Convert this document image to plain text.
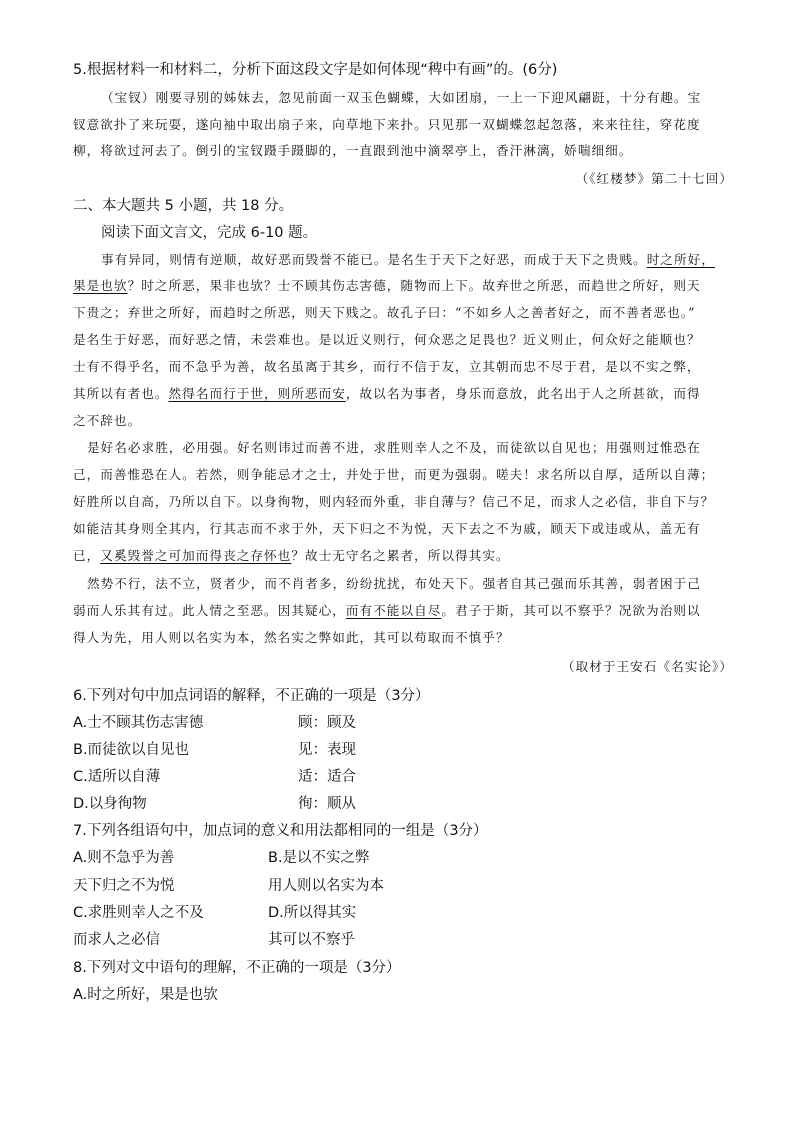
5.根据材料一和材料二，分析下面这段文字是如何体现“稗中有画”的。(6分)
（宝钗）刚要寻别的姊妹去，忽见前面一双玉色蝴蝶，大如团扇，一上一下迎风翩跹，十分有趣。宝
钗意欲扑了来玩耍，遂向袖中取出扇子来，向草地下来扑。只见那一双蝴蝶忽起忽落，来来往往，穿花度
柳，将欲过河去了。倒引的宝钗蹑手蹑脚的，一直跟到池中滴翠亭上，香汗淋漓，娇喘细细。
（《红楼梦》第二十七回）
二、本大题共 5 小题，共 18 分。
阅读下面文言文，完成 6-10 题。
事有异同，则情有逆顺，故好恶而毁誉不能已。是名生于天下之好恶，而成于天下之贵贱。时之所好，
果是也欤？时之所恶，果非也欤？士不顾其伤志害德，随物而上下。故弃世之所恶，而趋世之所好，则天
下贵之；弃世之所好，而趋时之所恶，则天下贱之。故孔子曰：“不如乡人之善者好之，而不善者恶也。”
是名生于好恶，而好恶之情，未尝难也。是以近义则行，何众恶之足畏也？近义则止，何众好之能顺也？
士有不得乎名，而不急乎为善，故名虽离于其乡，而行不信于友，立其朝而忠不尽于君，是以不实之弊，
其所以有者也。然得名而行于世，则所恶而安，故以名为事者，身乐而意放，此名出于人之所甚欲，而得
之不辞也。
是好名必求胜，必用强。好名则讳过而善不进，求胜则幸人之不及，而徒欲以自见也；用强则过惟恐在
己，而善惟恐在人。若然，则争能忌才之士，并处于世，而更为强弱。嗟夫！求名所以自厚，适所以自薄；
好胜所以自高，乃所以自下。以身徇物，则内轻而外重，非自薄与？信己不足，而求人之必信，非自下与？
如能洁其身则全其内，行其志而不求于外，天下归之不为悦，天下去之不为戚，顾天下或违或从，盖无有
已，又奚毁誉之可加而得丧之存怀也？故士无守名之累者，所以得其实。
然势不行，法不立，贤者少，而不肖者多，纷纷扰扰，布处天下。强者自其己强而乐其善，弱者困于己
弱而人乐其有过。此人情之至恶。因其疑心，而有不能以自尽。君子于斯，其可以不察乎？况欲为治则以
得人为先，用人则以名实为本，然名实之弊如此，其可以苟取而不慎乎？
（取材于王安石《名实论》）
6.下列对句中加点词语的解释，不正确的一项是（3分）
A.士不顾其伤志害德	顾：顾及
B.而徒欲以自见也	见：表现
C.适所以自薄	适：适合
D.以身徇物	徇：顺从
7.下列各组语句中，加点词的意义和用法都相同的一组是（3分）
A.则不急乎为善	B.是以不实之弊
天下归之不为悦	用人则以名实为本
C.求胜则幸人之不及	D.所以得其实
而求人之必信	其可以不察乎
8.下列对文中语句的理解，不正确的一项是（3分）
A.时之所好，果是也欤
